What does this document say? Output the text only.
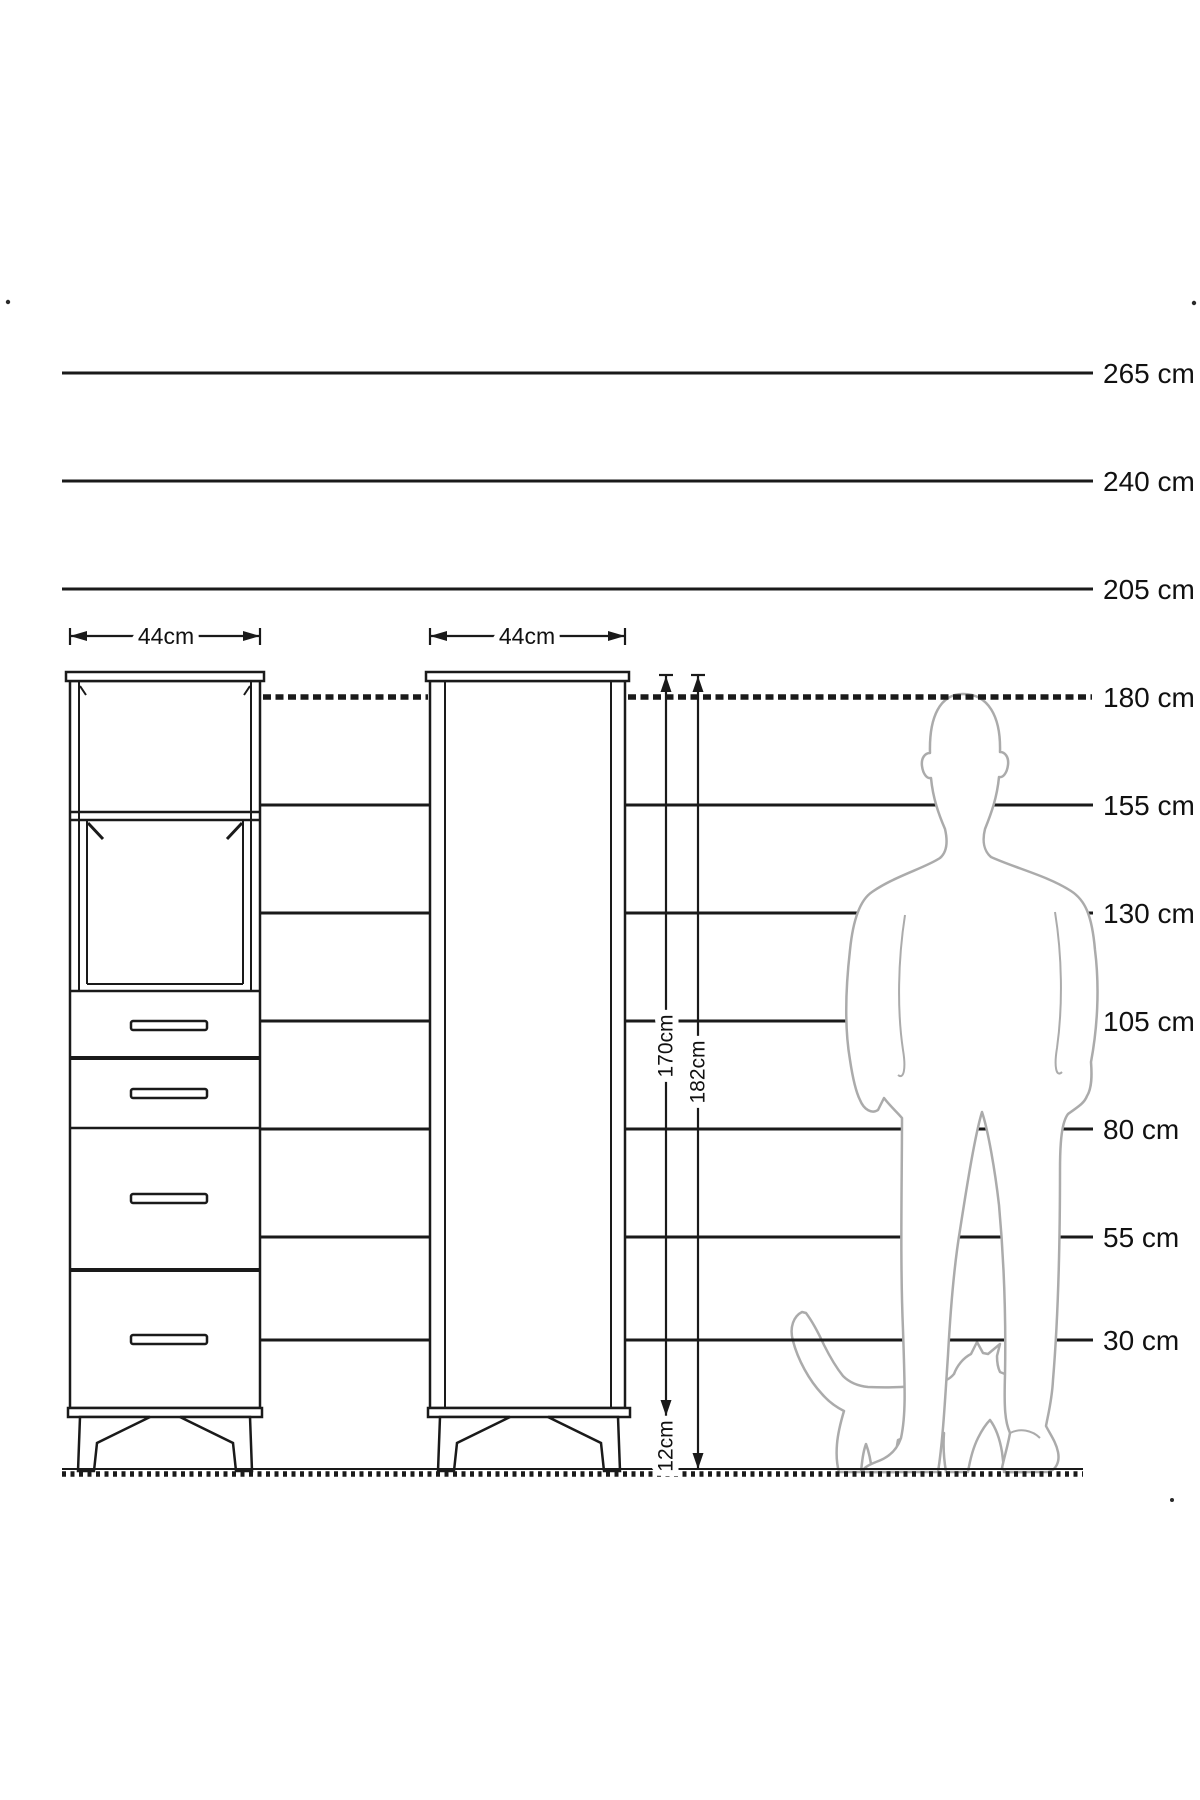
44cm	44cm
170cm 182cm
12cm
265 cm
240 cm
205 cm
180 cm
155 cm
130 cm
105 cm
80 cm
55 cm
30 cm
